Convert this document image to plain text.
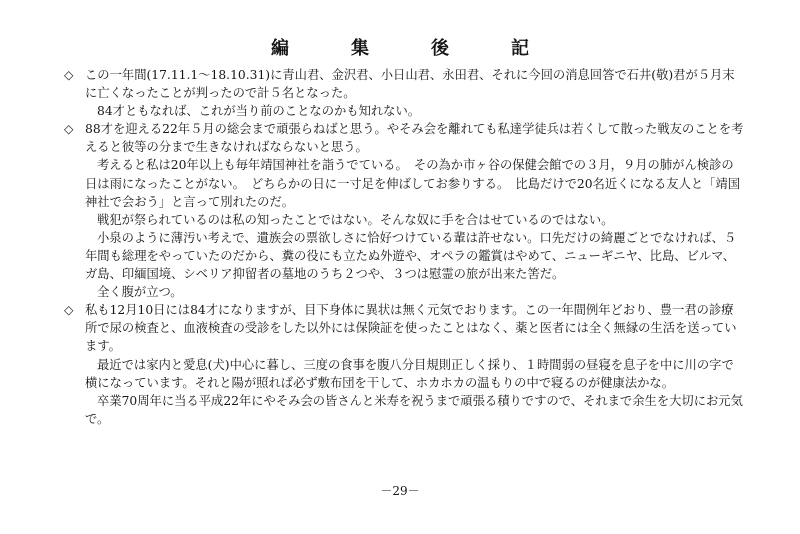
編　集　後　記
◇ この一年間(17.11.1～18.10.31)に青山君、金沢君、小日山君、永田君、それに今回の消息回答で石井(敬)君が５月末に亡くなったことが判ったので計５名となった。
84才ともなれば、これが当り前のことなのかも知れない。
◇ 88才を迎える22年５月の総会まで頑張らねばと思う。やそみ会を離れても私達学徒兵は若くして散った戦友のことを考えると彼等の分まで生きなければならないと思う。
考えると私は20年以上も毎年靖国神社を詣うでている。　その為か市ヶ谷の保健会館での３月，９月の肺がん検診の日は雨になったことがない。　どちらかの日に一寸足を伸ばしてお参りする。　比島だけで20名近くになる友人と「靖国神社で会おう」と言って別れたのだ。
戦犯が祭られているのは私の知ったことではない。そんな奴に手を合はせているのではない。
小泉のように薄汚い考えで、遺族会の票欲しさに恰好つけている輩は許せない。口先だけの綺麗ごとでなければ、５年間も総理をやっていたのだから、糞の役にも立たぬ外遊や、オペラの鑑賞はやめて、ニューギニヤ、比島、ビルマ、ガ島、印緬国境、シベリア抑留者の墓地のうち２つや、３つは慰霊の旅が出来た筈だ。
全く腹が立つ。
◇ 私も12月10日には84才になりますが、目下身体に異状は無く元気でおります。この一年間例年どおり、豊一君の診療所で尿の検査と、血液検査の受診をした以外には保険証を使ったことはなく、薬と医者には全く無縁の生活を送っています。
最近では家内と愛息(犬)中心に暮し、三度の食事を腹八分目規則正しく採り、１時間弱の昼寝を息子を中に川の字で横になっています。それと陽が照れば必ず敷布団を干して、ホカホカの温もりの中で寝るのが健康法かな。
卒業70周年に当る平成22年にやそみ会の皆さんと米寿を祝うまで頑張る積りですので、それまで余生を大切にお元気で。
－29－
